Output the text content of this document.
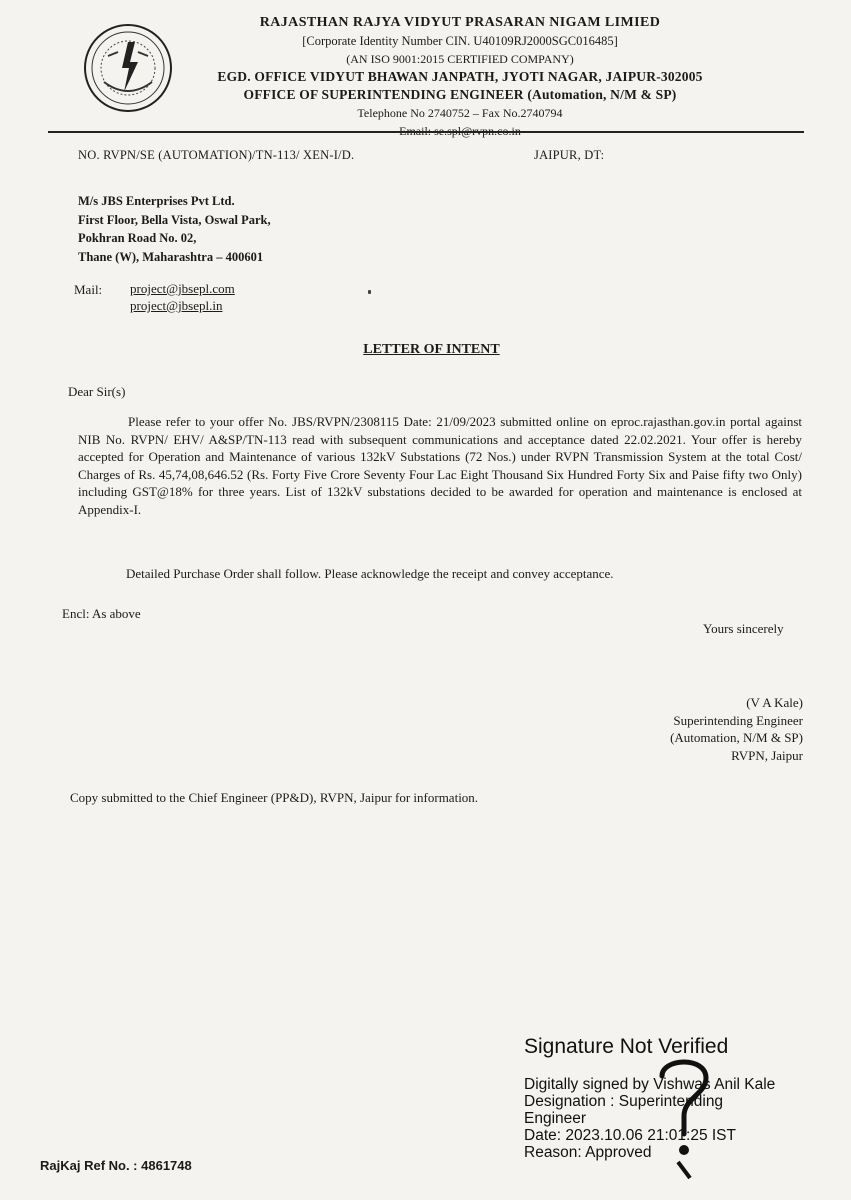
RAJASTHAN RAJYA VIDYUT PRASARAN NIGAM LIMIED
[Corporate Identity Number CIN. U40109RJ2000SGC016485]
(AN ISO 9001:2015 CERTIFIED COMPANY)
EGD. OFFICE VIDYUT BHAWAN JANPATH, JYOTI NAGAR, JAIPUR-302005
OFFICE OF SUPERINTENDING ENGINEER (Automation, N/M & SP)
Telephone No 2740752 – Fax No.2740794
Email: se.spl@rvpn.co.in
NO. RVPN/SE (AUTOMATION)/TN-113/ XEN-I/D.	JAIPUR, DT:
M/s JBS Enterprises Pvt Ltd.
First Floor, Bella Vista, Oswal Park,
Pokhran Road No. 02,
Thane (W), Maharashtra – 400601
Mail: project@jbsepl.com
project@jbsepl.in
LETTER OF INTENT
Dear Sir(s)
Please refer to your offer No. JBS/RVPN/2308115 Date: 21/09/2023 submitted online on eproc.rajasthan.gov.in portal against NIB No. RVPN/ EHV/ A&SP/TN-113 read with subsequent communications and acceptance dated 22.02.2021. Your offer is hereby accepted for Operation and Maintenance of various 132kV Substations (72 Nos.) under RVPN Transmission System at the total Cost/ Charges of Rs. 45,74,08,646.52 (Rs. Forty Five Crore Seventy Four Lac Eight Thousand Six Hundred Forty Six and Paise fifty two Only) including GST@18% for three years. List of 132kV substations decided to be awarded for operation and maintenance is enclosed at Appendix-I.
Detailed Purchase Order shall follow. Please acknowledge the receipt and convey acceptance.
Encl: As above
Yours sincerely
(V A Kale)
Superintending Engineer
(Automation, N/M & SP)
RVPN, Jaipur
Copy submitted to the Chief Engineer (PP&D), RVPN, Jaipur for information.
Signature Not Verified
Digitally signed by Vishwas Anil Kale
Designation : Superintending
Engineer
Date: 2023.10.06 21:01:25 IST
Reason: Approved
RajKaj Ref No. : 4861748
